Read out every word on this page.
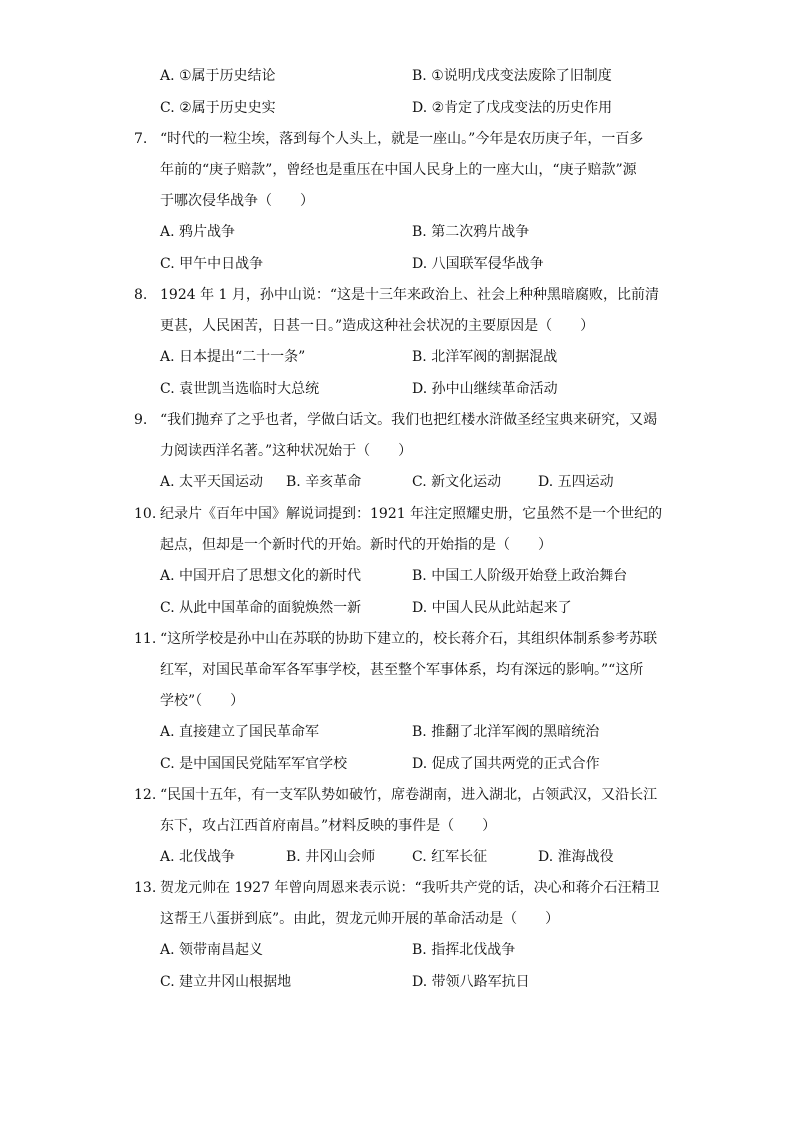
A. ①属于历史结论	B. ①说明戊戌变法废除了旧制度
C. ②属于历史史实	D. ②肯定了戊戌变法的历史作用
7. “时代的一粒尘埃，落到每个人头上，就是一座山。”今年是农历庚子年，一百多
年前的“庚子赔款”，曾经也是重压在中国人民身上的一座大山，“庚子赔款”源
于哪次侵华战争（　　）
A. 鸦片战争	B. 第二次鸦片战争
C. 甲午中日战争	D. 八国联军侵华战争
8. 1924 年 1 月，孙中山说：“这是十三年来政治上、社会上种种黑暗腐败，比前清
更甚，人民困苦，日甚一日。”造成这种社会状况的主要原因是（　　）
A. 日本提出“二十一条”	B. 北洋军阀的割据混战
C. 袁世凯当选临时大总统	D. 孙中山继续革命活动
9. “我们抛弃了之乎也者，学做白话文。我们也把红楼水浒做圣经宝典来研究，又竭
力阅读西洋名著。”这种状况始于（　　）
A. 太平天国运动 B. 辛亥革命	C. 新文化运动	D. 五四运动
10. 纪录片《百年中国》解说词提到：1921 年注定照耀史册，它虽然不是一个世纪的
起点，但却是一个新时代的开始。新时代的开始指的是（　　）
A. 中国开启了思想文化的新时代	B. 中国工人阶级开始登上政治舞台
C. 从此中国革命的面貌焕然一新	D. 中国人民从此站起来了
11. “这所学校是孙中山在苏联的协助下建立的，校长蒋介石，其组织体制系参考苏联
红军，对国民革命军各军事学校，甚至整个军事体系，均有深远的影响。”“这所
学校”（　　）
A. 直接建立了国民革命军	B. 推翻了北洋军阀的黑暗统治
C. 是中国国民党陆军军官学校	D. 促成了国共两党的正式合作
12. “民国十五年，有一支军队势如破竹，席卷湖南，进入湖北，占领武汉，又沿长江
东下，攻占江西首府南昌。”材料反映的事件是（　　）
A. 北伐战争	B. 井冈山会师	C. 红军长征	D. 淮海战役
13. 贺龙元帅在 1927 年曾向周恩来表示说：“我听共产党的话，决心和蒋介石汪精卫
这帮王八蛋拼到底”。由此，贺龙元帅开展的革命活动是（　　）
A. 领带南昌起义	B. 指挥北伐战争
C. 建立井冈山根据地	D. 带领八路军抗日
